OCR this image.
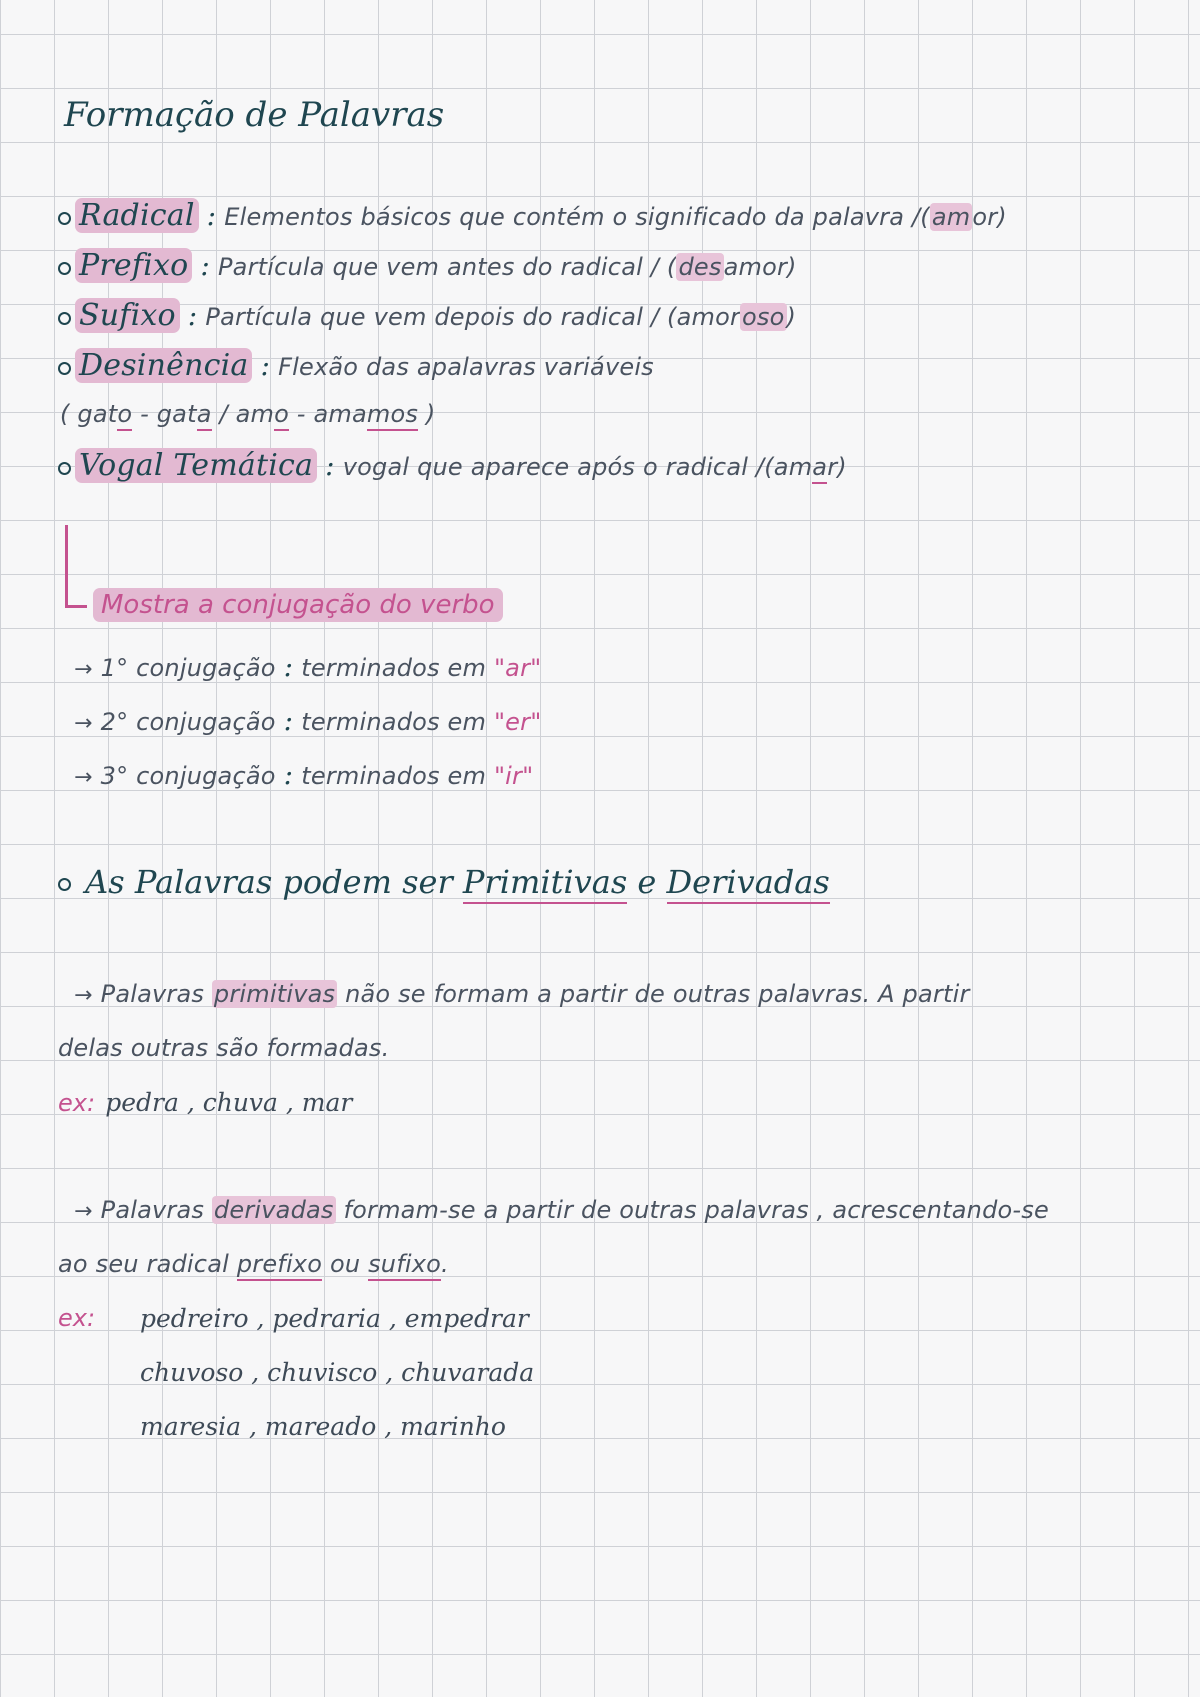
Formação de Palavras
Radical : Elementos básicos que contém o significado da palavra /(amor)
Prefixo : Partícula que vem antes do radical / (desamor)
Sufixo : Partícula que vem depois do radical / (amoroso)
Desinência : Flexão das apalavras variáveis
( gato - gata / amo - amamos )
Vogal Temática : vogal que aparece após o radical /(amar)
Mostra a conjugação do verbo
→ 1° conjugação : terminados em "ar"
→ 2° conjugação : terminados em "er"
→ 3° conjugação : terminados em "ir"
As Palavras podem ser Primitivas e Derivadas
→ Palavras primitivas não se formam a partir de outras palavras. A partir
delas outras são formadas.
ex: pedra , chuva , mar
→ Palavras derivadas formam-se a partir de outras palavras , acrescentando-se
ao seu radical prefixo ou sufixo.
ex: pedreiro , pedraria , empedrar
chuvoso , chuvisco , chuvarada
maresia , mareado , marinho
